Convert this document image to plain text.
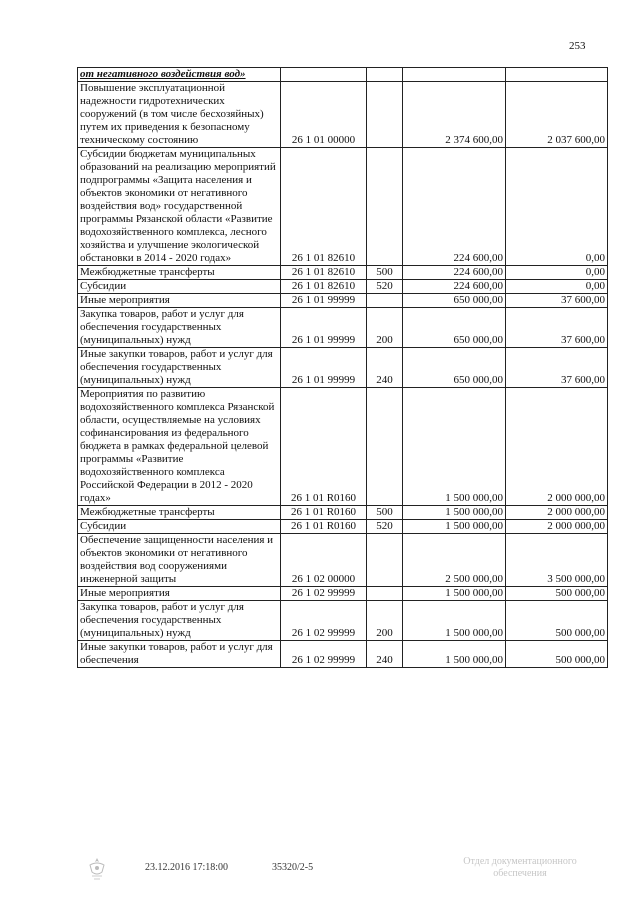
253
от негативного воздействия вод»				
Повышение эксплуатационной надежности гидротехнических сооружений (в том числе бесхозяйных) путем их приведения к безопасному техническому состоянию	26 1 01 00000		2 374 600,00	2 037 600,00
Субсидии бюджетам муниципальных образований на реализацию мероприятий подпрограммы «Защита населения и объектов экономики от негативного воздействия вод» государственной программы Рязанской области «Развитие водохозяйственного комплекса, лесного хозяйства и улучшение экологической обстановки в 2014 - 2020 годах»	26 1 01 82610		224 600,00	0,00
Межбюджетные трансферты	26 1 01 82610	500	224 600,00	0,00
Субсидии	26 1 01 82610	520	224 600,00	0,00
Иные мероприятия	26 1 01 99999		650 000,00	37 600,00
Закупка товаров, работ и услуг для обеспечения государственных (муниципальных) нужд	26 1 01 99999	200	650 000,00	37 600,00
Иные закупки товаров, работ и услуг для обеспечения государственных (муниципальных) нужд	26 1 01 99999	240	650 000,00	37 600,00
Мероприятия по развитию водохозяйственного комплекса Рязанской области, осуществляемые на условиях софинансирования из федерального бюджета в рамках федеральной целевой программы «Развитие водохозяйственного комплекса Российской Федерации в 2012 - 2020 годах»	26 1 01 R0160		1 500 000,00	2 000 000,00
Межбюджетные трансферты	26 1 01 R0160	500	1 500 000,00	2 000 000,00
Субсидии	26 1 01 R0160	520	1 500 000,00	2 000 000,00
Обеспечение защищенности населения и объектов экономики от негативного воздействия вод сооружениями инженерной защиты	26 1 02 00000		2 500 000,00	3 500 000,00
Иные мероприятия	26 1 02 99999		1 500 000,00	500 000,00
Закупка товаров, работ и услуг для обеспечения государственных (муниципальных) нужд	26 1 02 99999	200	1 500 000,00	500 000,00
Иные закупки товаров, работ и услуг для обеспечения	26 1 02 99999	240	1 500 000,00	500 000,00
23.12.2016 17:18:00	35320/2-5
Отдел документационного обеспечения
